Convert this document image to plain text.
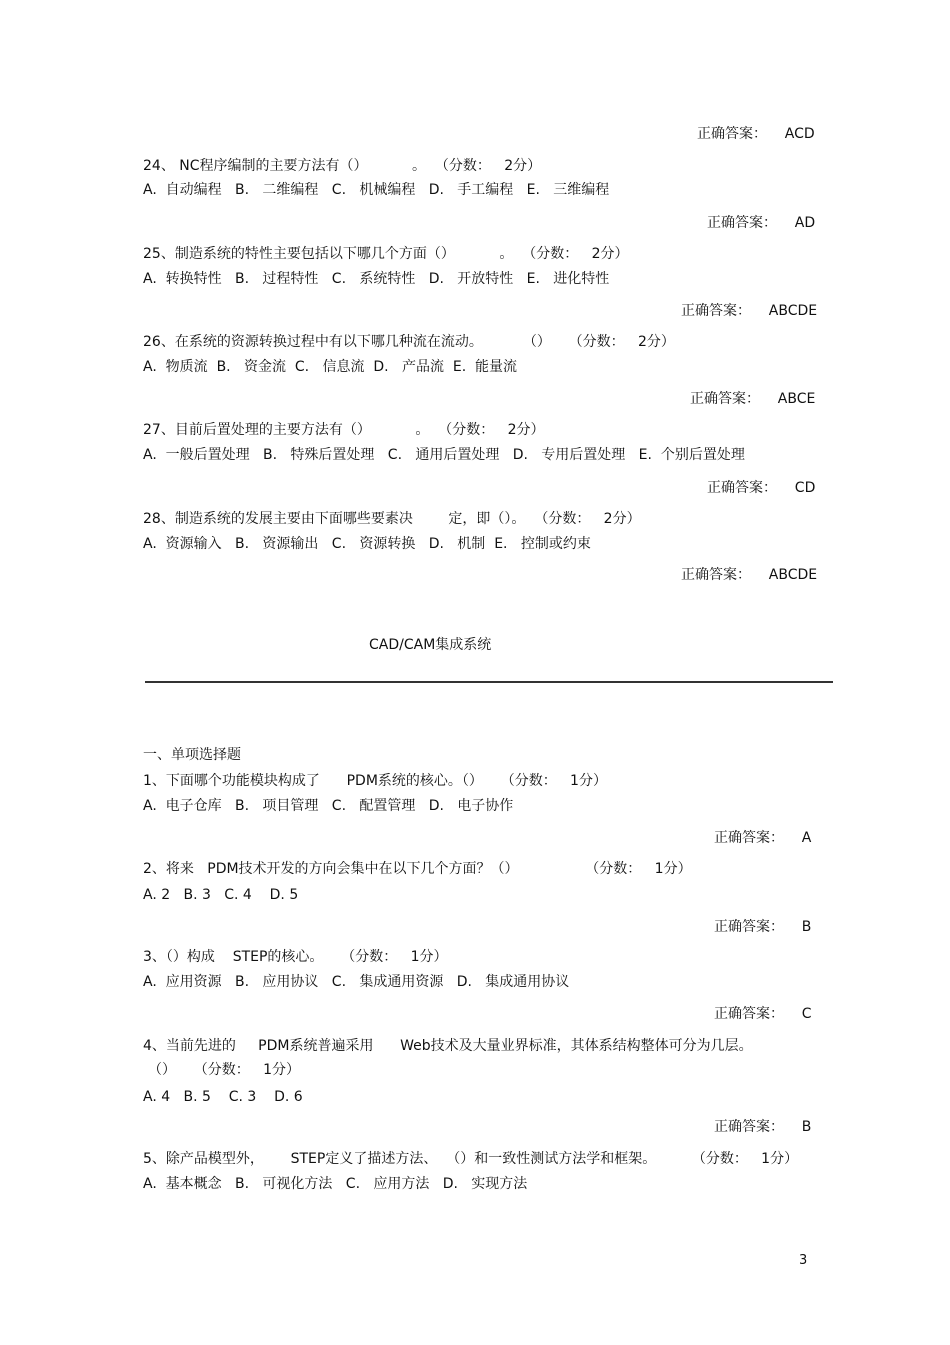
正确答案：    ACD
24、 NC程序编制的主要方法有（）          。  （分数：   2分）
A.  自动编程   B.   二维编程   C.   机械编程   D.   手工编程   E.   三维编程
正确答案：    AD
25、制造系统的特性主要包括以下哪几个方面（）          。  （分数：   2分）
A.  转换特性   B.   过程特性   C.   系统特性   D.   开放特性   E.   进化特性
正确答案：    ABCDE
26、在系统的资源转换过程中有以下哪几种流在流动。         （）    （分数：   2分）
A.  物质流  B.   资金流  C.   信息流  D.   产品流  E.  能量流
正确答案：    ABCE
27、目前后置处理的主要方法有（）          。  （分数：   2分）
A.  一般后置处理   B.   特殊后置处理   C.   通用后置处理   D.   专用后置处理   E.  个别后置处理
正确答案：    CD
28、制造系统的发展主要由下面哪些要素决        定，即（）。  （分数：   2分）
A.  资源输入   B.   资源输出   C.   资源转换   D.   机制  E.   控制或约束
正确答案：    ABCDE
CAD/CAM集成系统
一、单项选择题
1、下面哪个功能模块构成了      PDM系统的核心。（）    （分数：   1分）
A.  电子仓库   B.   项目管理   C.   配置管理   D.   电子协作
正确答案：    A
2、将来   PDM技术开发的方向会集中在以下几个方面？（）               （分数：   1分）
A. 2   B. 3   C. 4    D. 5
正确答案：    B
3、（）构成    STEP的核心。    （分数：   1分）
A.  应用资源   B.   应用协议   C.   集成通用资源   D.   集成通用协议
正确答案：    C
4、当前先进的     PDM系统普遍采用      Web技术及大量业界标准，其体系结构整体可分为几层。
（）    （分数：   1分）
A. 4   B. 5    C. 3    D. 6
正确答案：    B
5、除产品模型外，      STEP定义了描述方法、  （）和一致性测试方法学和框架。        （分数：   1分）
A.  基本概念   B.   可视化方法   C.   应用方法   D.   实现方法
3
